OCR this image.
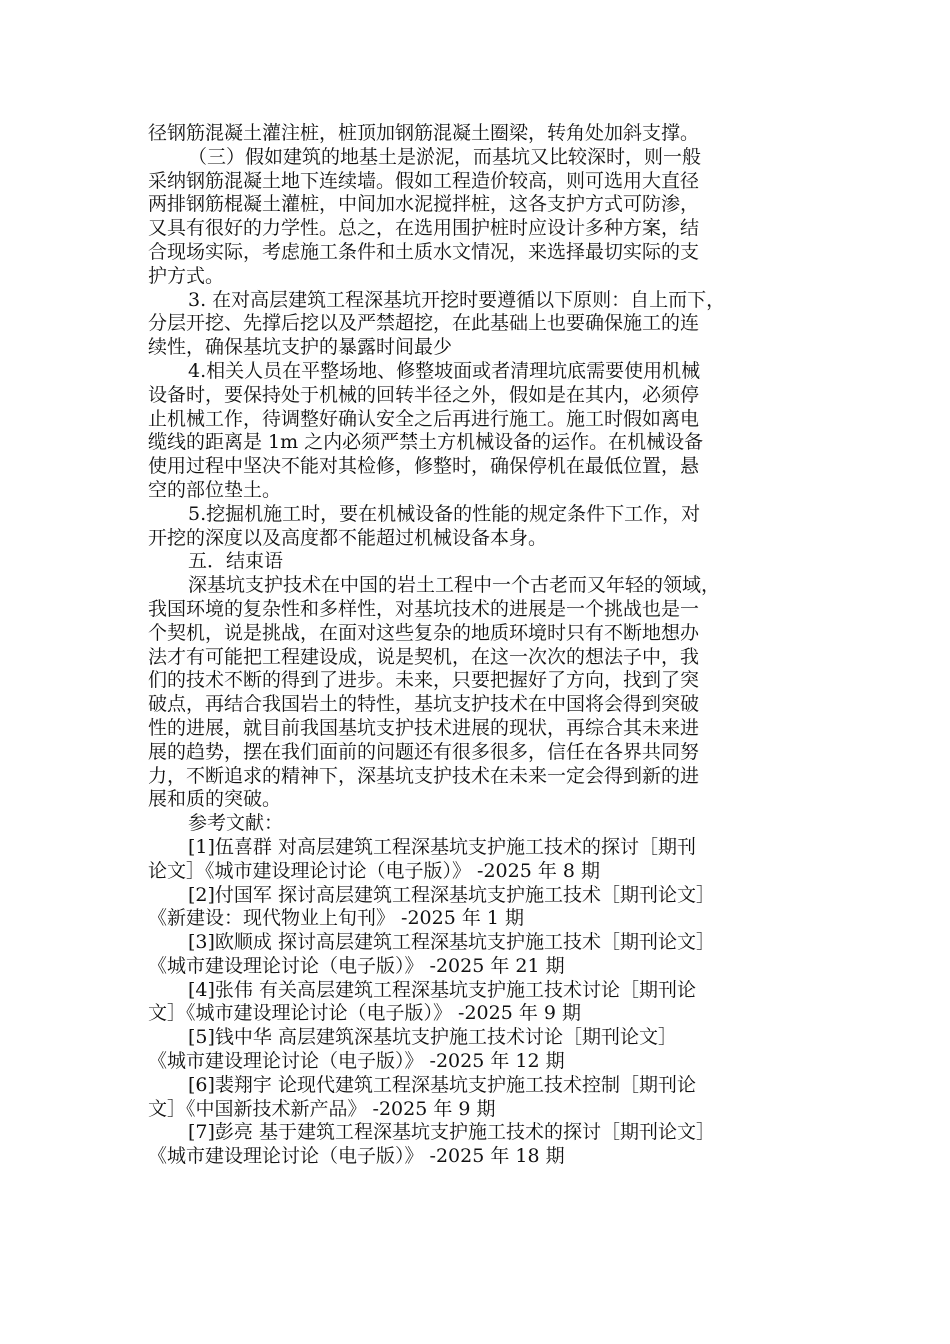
径钢筋混凝土灌注桩，桩顶加钢筋混凝土圈梁，转角处加斜支撑。
（三）假如建筑的地基土是淤泥，而基坑又比较深时，则一般
采纳钢筋混凝土地下连续墙。假如工程造价较高，则可选用大直径
两排钢筋棍凝土灌桩，中间加水泥搅拌桩，这各支护方式可防渗，
又具有很好的力学性。总之，在选用围护桩时应设计多种方案，结
合现场实际，考虑施工条件和土质水文情况，来选择最切实际的支
护方式。
3. 在对高层建筑工程深基坑开挖时要遵循以下原则：自上而下，
分层开挖、先撑后挖以及严禁超挖，在此基础上也要确保施工的连
续性，确保基坑支护的暴露时间最少
4.相关人员在平整场地、修整坡面或者清理坑底需要使用机械
设备时，要保持处于机械的回转半径之外，假如是在其内，必须停
止机械工作，待调整好确认安全之后再进行施工。施工时假如离电
缆线的距离是 1m 之内必须严禁土方机械设备的运作。在机械设备
使用过程中坚决不能对其检修，修整时，确保停机在最低位置，悬
空的部位垫土。
5.挖掘机施工时，要在机械设备的性能的规定条件下工作，对
开挖的深度以及高度都不能超过机械设备本身。
五．结束语
深基坑支护技术在中国的岩土工程中一个古老而又年轻的领域，
我国环境的复杂性和多样性，对基坑技术的进展是一个挑战也是一
个契机，说是挑战，在面对这些复杂的地质环境时只有不断地想办
法才有可能把工程建设成，说是契机，在这一次次的想法子中，我
们的技术不断的得到了进步。未来，只要把握好了方向，找到了突
破点，再结合我国岩土的特性，基坑支护技术在中国将会得到突破
性的进展，就目前我国基坑支护技术进展的现状，再综合其未来进
展的趋势，摆在我们面前的问题还有很多很多，信任在各界共同努
力，不断追求的精神下，深基坑支护技术在未来一定会得到新的进
展和质的突破。
参考文献：
[1]伍喜群 对高层建筑工程深基坑支护施工技术的探讨［期刊
论文］《城市建设理论讨论（电子版）》 -2025 年 8 期
[2]付国军 探讨高层建筑工程深基坑支护施工技术［期刊论文］
《新建设：现代物业上旬刊》 -2025 年 1 期
[3]欧顺成 探讨高层建筑工程深基坑支护施工技术［期刊论文］
《城市建设理论讨论（电子版）》 -2025 年 21 期
[4]张伟 有关高层建筑工程深基坑支护施工技术讨论［期刊论
文］《城市建设理论讨论（电子版）》 -2025 年 9 期
[5]钱中华 高层建筑深基坑支护施工技术讨论［期刊论文］
《城市建设理论讨论（电子版）》 -2025 年 12 期
[6]裴翔宇 论现代建筑工程深基坑支护施工技术控制［期刊论
文］《中国新技术新产品》 -2025 年 9 期
[7]彭亮 基于建筑工程深基坑支护施工技术的探讨［期刊论文］
《城市建设理论讨论（电子版）》 -2025 年 18 期
